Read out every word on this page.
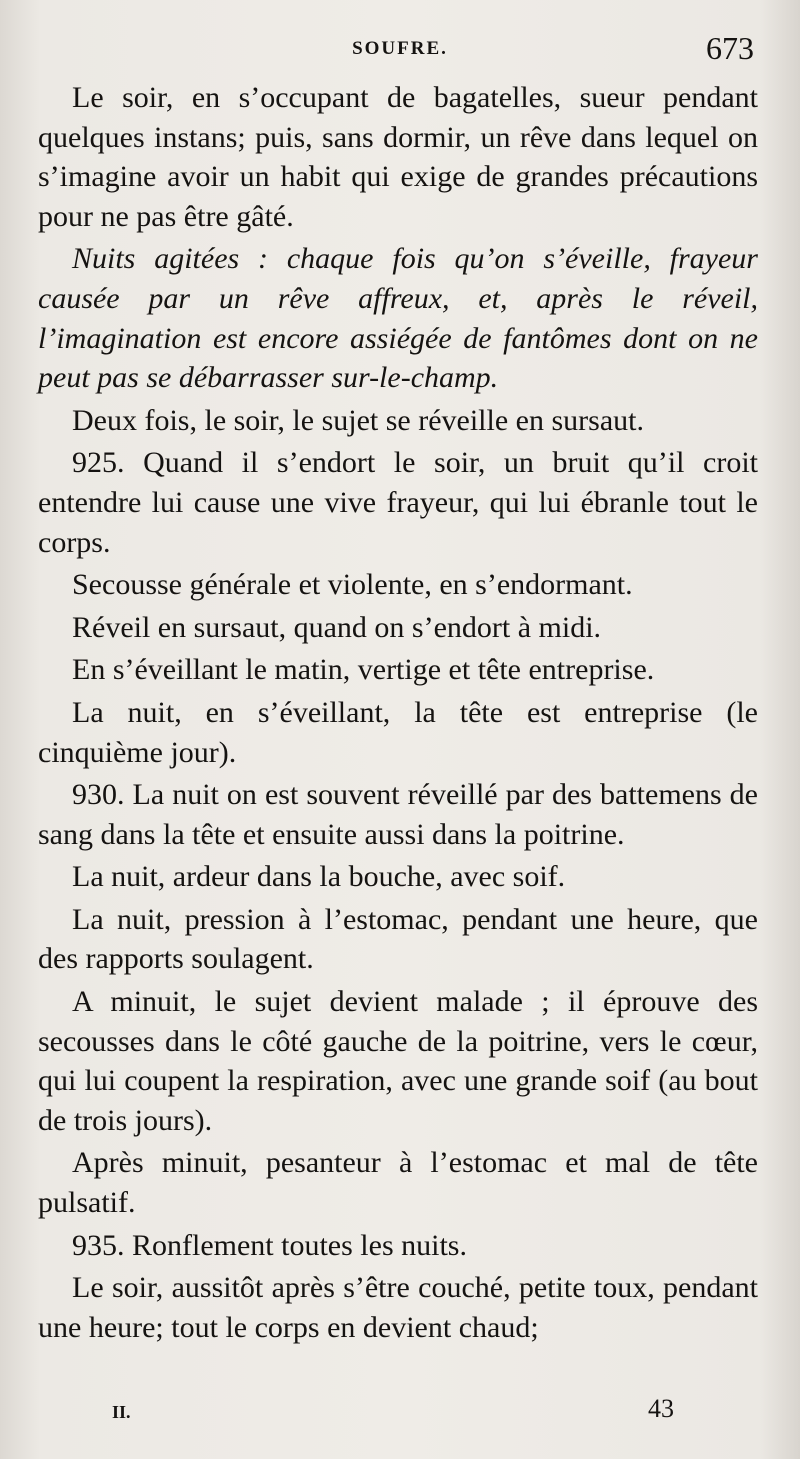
SOUFRE.	673

Le soir, en s’occupant de bagatelles, sueur pendant quelques instans; puis, sans dormir, un rêve dans lequel on s’imagine avoir un habit qui exige de grandes précautions pour ne pas être gâté.

Nuits agitées : chaque fois qu’on s’éveille, frayeur causée par un rêve affreux, et, après le réveil, l’imagination est encore assiégée de fantômes dont on ne peut pas se débarrasser sur-le-champ.

Deux fois, le soir, le sujet se réveille en sursaut.

925. Quand il s’endort le soir, un bruit qu’il croit entendre lui cause une vive frayeur, qui lui ébranle tout le corps.

Secousse générale et violente, en s’endormant.

Réveil en sursaut, quand on s’endort à midi.

En s’éveillant le matin, vertige et tête entreprise.

La nuit, en s’éveillant, la tête est entreprise (le cinquième jour).

930. La nuit on est souvent réveillé par des battemens de sang dans la tête et ensuite aussi dans la poitrine.

La nuit, ardeur dans la bouche, avec soif.

La nuit, pression à l’estomac, pendant une heure, que des rapports soulagent.

A minuit, le sujet devient malade ; il éprouve des secousses dans le côté gauche de la poitrine, vers le cœur, qui lui coupent la respiration, avec une grande soif (au bout de trois jours).

Après minuit, pesanteur à l’estomac et mal de tête pulsatif.

935. Ronflement toutes les nuits.

Le soir, aussitôt après s’être couché, petite toux, pendant une heure; tout le corps en devient chaud;

II.	43
